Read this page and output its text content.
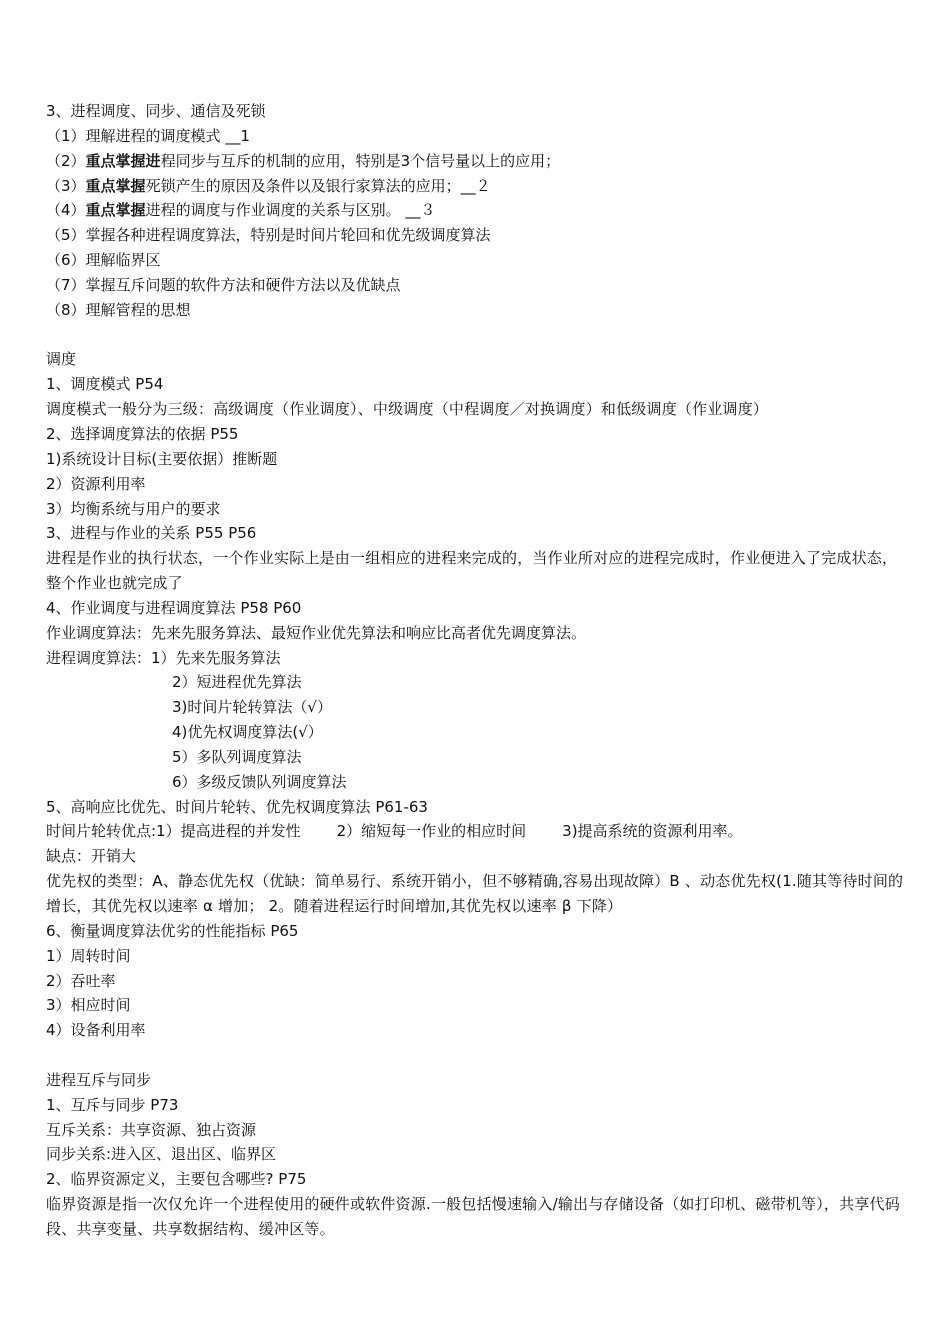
3、进程调度、同步、通信及死锁
（1）理解进程的调度模式 __1
（2）重点掌握进程同步与互斥的机制的应用，特别是3个信号量以上的应用；
（3）重点掌握死锁产生的原因及条件以及银行家算法的应用；__２
（4）重点掌握进程的调度与作业调度的关系与区别。 __３
（5）掌握各种进程调度算法，特别是时间片轮回和优先级调度算法
（6）理解临界区
（7）掌握互斥问题的软件方法和硬件方法以及优缺点
（8）理解管程的思想
调度
1、调度模式 P54
调度模式一般分为三级：高级调度（作业调度）、中级调度（中程调度／对换调度）和低级调度（作业调度）
2、选择调度算法的依据 P55
1)系统设计目标(主要依据）推断题
2）资源利用率
3）均衡系统与用户的要求
3、进程与作业的关系 P55 P56
进程是作业的执行状态，一个作业实际上是由一组相应的进程来完成的，当作业所对应的进程完成时，作业便进入了完成状态，整个作业也就完成了
4、作业调度与进程调度算法 P58 P60
作业调度算法：先来先服务算法、最短作业优先算法和响应比高者优先调度算法。
进程调度算法：1）先来先服务算法
2）短进程优先算法
3)时间片轮转算法（√）
4)优先权调度算法(√）
5）多队列调度算法
6）多级反馈队列调度算法
5、高响应比优先、时间片轮转、优先权调度算法 P61-63
时间片轮转优点:1）提高进程的并发性 2）缩短每一作业的相应时间 3)提高系统的资源利用率。
缺点：开销大
优先权的类型：A、静态优先权（优缺：简单易行、系统开销小，但不够精确,容易出现故障）B 、动态优先权(1.随其等待时间的增长，其优先权以速率 α 增加； 2。随着进程运行时间增加,其优先权以速率 β 下降）
6、衡量调度算法优劣的性能指标 P65
1）周转时间
2）吞吐率
3）相应时间
4）设备利用率
进程互斥与同步
1、互斥与同步 P73
互斥关系：共享资源、独占资源
同步关系:进入区、退出区、临界区
2、临界资源定义，主要包含哪些? P75
临界资源是指一次仅允许一个进程使用的硬件或软件资源.一般包括慢速输入/输出与存储设备（如打印机、磁带机等），共享代码段、共享变量、共享数据结构、缓冲区等。
